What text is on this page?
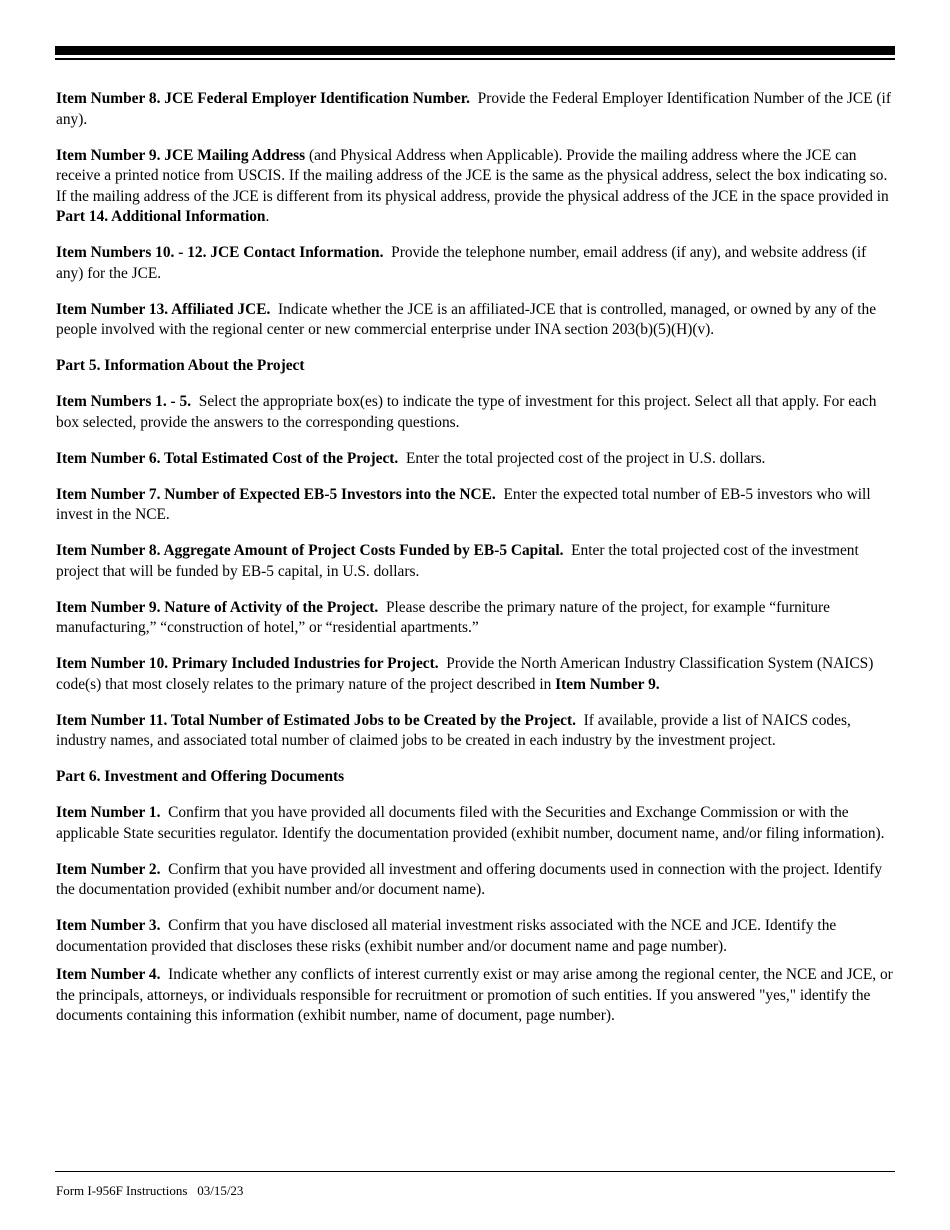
Item Number 8. JCE Federal Employer Identification Number. Provide the Federal Employer Identification Number of the JCE (if any).

Item Number 9. JCE Mailing Address (and Physical Address when Applicable). Provide the mailing address where the JCE can receive a printed notice from USCIS. If the mailing address of the JCE is the same as the physical address, select the box indicating so. If the mailing address of the JCE is different from its physical address, provide the physical address of the JCE in the space provided in Part 14. Additional Information.

Item Numbers 10. - 12. JCE Contact Information. Provide the telephone number, email address (if any), and website address (if any) for the JCE.

Item Number 13. Affiliated JCE. Indicate whether the JCE is an affiliated-JCE that is controlled, managed, or owned by any of the people involved with the regional center or new commercial enterprise under INA section 203(b)(5)(H)(v).

Part 5. Information About the Project

Item Numbers 1. - 5. Select the appropriate box(es) to indicate the type of investment for this project. Select all that apply. For each box selected, provide the answers to the corresponding questions.

Item Number 6. Total Estimated Cost of the Project. Enter the total projected cost of the project in U.S. dollars.

Item Number 7. Number of Expected EB-5 Investors into the NCE. Enter the expected total number of EB-5 investors who will invest in the NCE.

Item Number 8. Aggregate Amount of Project Costs Funded by EB-5 Capital. Enter the total projected cost of the investment project that will be funded by EB-5 capital, in U.S. dollars.

Item Number 9. Nature of Activity of the Project. Please describe the primary nature of the project, for example “furniture manufacturing,” “construction of hotel,” or “residential apartments.”

Item Number 10. Primary Included Industries for Project. Provide the North American Industry Classification System (NAICS) code(s) that most closely relates to the primary nature of the project described in Item Number 9.

Item Number 11. Total Number of Estimated Jobs to be Created by the Project. If available, provide a list of NAICS codes, industry names, and associated total number of claimed jobs to be created in each industry by the investment project.

Part 6. Investment and Offering Documents

Item Number 1. Confirm that you have provided all documents filed with the Securities and Exchange Commission or with the applicable State securities regulator. Identify the documentation provided (exhibit number, document name, and/or filing information).

Item Number 2. Confirm that you have provided all investment and offering documents used in connection with the project. Identify the documentation provided (exhibit number and/or document name).

Item Number 3. Confirm that you have disclosed all material investment risks associated with the NCE and JCE. Identify the documentation provided that discloses these risks (exhibit number and/or document name and page number).

Item Number 4. Indicate whether any conflicts of interest currently exist or may arise among the regional center, the NCE and JCE, or the principals, attorneys, or individuals responsible for recruitment or promotion of such entities. If you answered "yes," identify the documents containing this information (exhibit number, name of document, page number).

Form I-956F Instructions 03/15/23
